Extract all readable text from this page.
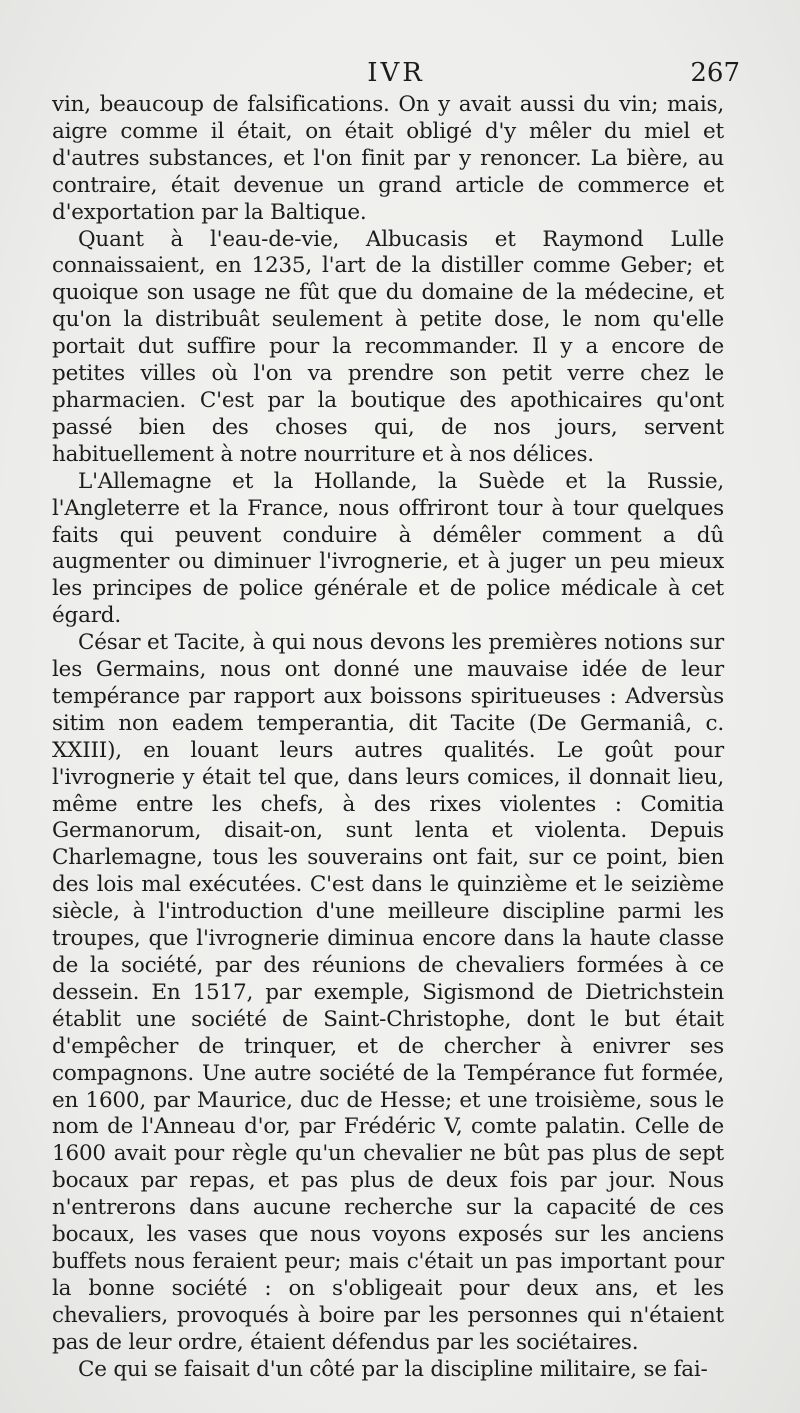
IVR	267

vin, beaucoup de falsifications. On y avait aussi du vin; mais, aigre comme il était, on était obligé d'y mêler du miel et d'autres substances, et l'on finit par y renoncer. La bière, au contraire, était devenue un grand article de commerce et d'exportation par la Baltique.

Quant à l'eau-de-vie, Albucasis et Raymond Lulle connaissaient, en 1235, l'art de la distiller comme Geber; et quoique son usage ne fût que du domaine de la médecine, et qu'on la distribuât seulement à petite dose, le nom qu'elle portait dut suffire pour la recommander. Il y a encore de petites villes où l'on va prendre son petit verre chez le pharmacien. C'est par la boutique des apothicaires qu'ont passé bien des choses qui, de nos jours, servent habituellement à notre nourriture et à nos délices.

L'Allemagne et la Hollande, la Suède et la Russie, l'Angleterre et la France, nous offriront tour à tour quelques faits qui peuvent conduire à démêler comment a dû augmenter ou diminuer l'ivrognerie, et à juger un peu mieux les principes de police générale et de police médicale à cet égard.

César et Tacite, à qui nous devons les premières notions sur les Germains, nous ont donné une mauvaise idée de leur tempérance par rapport aux boissons spiritueuses : Adversùs sitim non eadem temperantia, dit Tacite (De Germaniâ, c. XXIII), en louant leurs autres qualités. Le goût pour l'ivrognerie y était tel que, dans leurs comices, il donnait lieu, même entre les chefs, à des rixes violentes : Comitia Germanorum, disait-on, sunt lenta et violenta. Depuis Charlemagne, tous les souverains ont fait, sur ce point, bien des lois mal exécutées. C'est dans le quinzième et le seizième siècle, à l'introduction d'une meilleure discipline parmi les troupes, que l'ivrognerie diminua encore dans la haute classe de la société, par des réunions de chevaliers formées à ce dessein. En 1517, par exemple, Sigismond de Dietrichstein établit une société de Saint-Christophe, dont le but était d'empêcher de trinquer, et de chercher à enivrer ses compagnons. Une autre société de la Tempérance fut formée, en 1600, par Maurice, duc de Hesse; et une troisième, sous le nom de l'Anneau d'or, par Frédéric V, comte palatin. Celle de 1600 avait pour règle qu'un chevalier ne bût pas plus de sept bocaux par repas, et pas plus de deux fois par jour. Nous n'entrerons dans aucune recherche sur la capacité de ces bocaux, les vases que nous voyons exposés sur les anciens buffets nous feraient peur; mais c'était un pas important pour la bonne société : on s'obligeait pour deux ans, et les chevaliers, provoqués à boire par les personnes qui n'étaient pas de leur ordre, étaient défendus par les sociétaires.

Ce qui se faisait d'un côté par la discipline militaire, se fai-
